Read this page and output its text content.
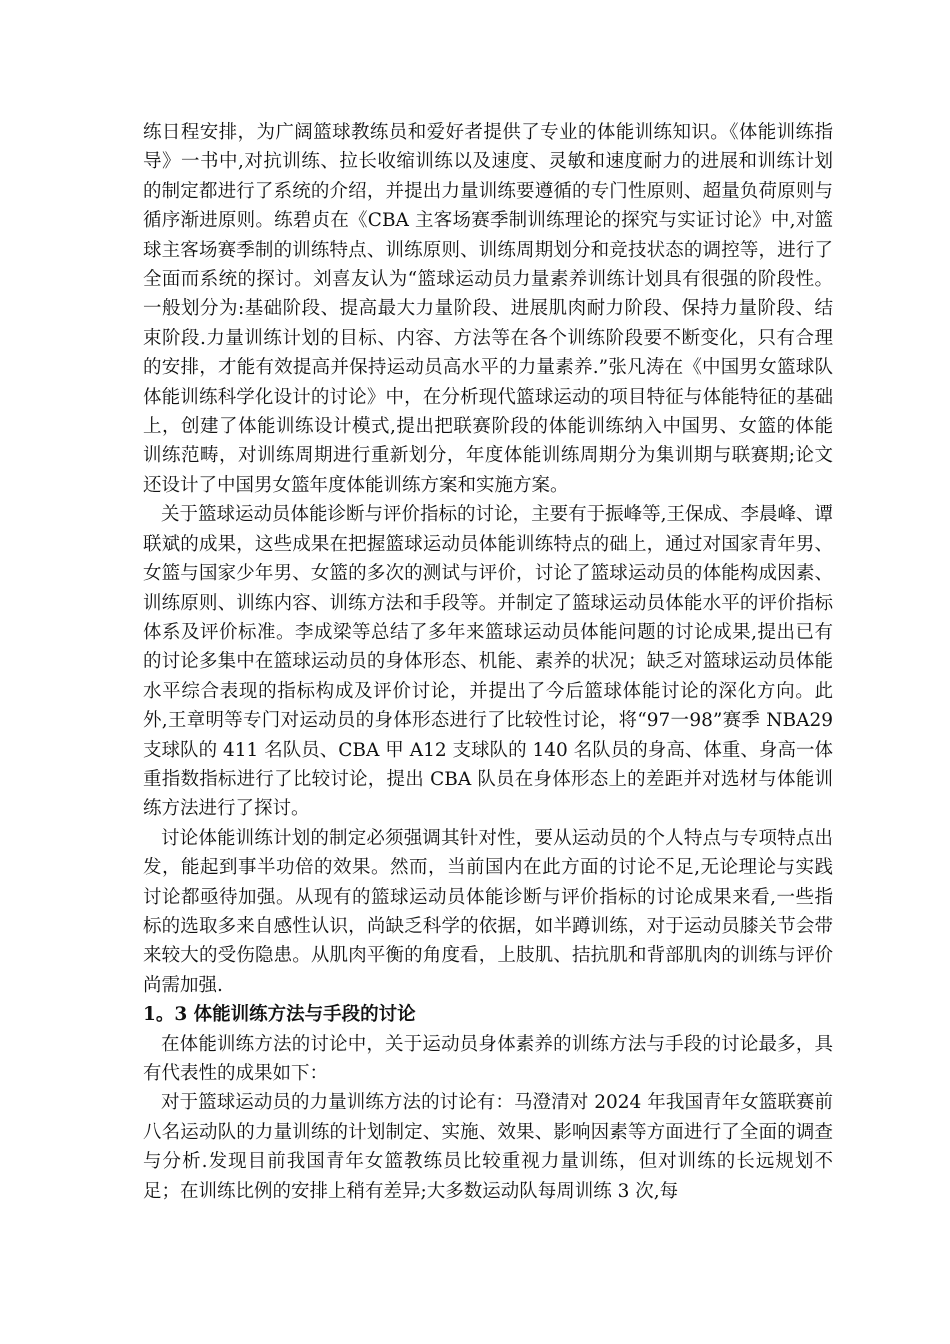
练日程安排，为广阔篮球教练员和爱好者提供了专业的体能训练知识。《体能训练指导》一书中,对抗训练、拉长收缩训练以及速度、灵敏和速度耐力的进展和训练计划的制定都进行了系统的介绍，并提出力量训练要遵循的专门性原则、超量负荷原则与循序渐进原则。练碧贞在《CBA 主客场赛季制训练理论的探究与实证讨论》中,对篮球主客场赛季制的训练特点、训练原则、训练周期划分和竞技状态的调控等，进行了全面而系统的探讨。刘喜友认为“篮球运动员力量素养训练计划具有很强的阶段性。一般划分为:基础阶段、提高最大力量阶段、进展肌肉耐力阶段、保持力量阶段、结束阶段.力量训练计划的目标、内容、方法等在各个训练阶段要不断变化，只有合理的安排，才能有效提高并保持运动员高水平的力量素养.”张凡涛在《中国男女篮球队体能训练科学化设计的讨论》中，在分析现代篮球运动的项目特征与体能特征的基础上，创建了体能训练设计模式,提出把联赛阶段的体能训练纳入中国男、女篮的体能训练范畴，对训练周期进行重新划分，年度体能训练周期分为集训期与联赛期;论文还设计了中国男女篮年度体能训练方案和实施方案。

关于篮球运动员体能诊断与评价指标的讨论，主要有于振峰等,王保成、李晨峰、谭联斌的成果，这些成果在把握篮球运动员体能训练特点的础上，通过对国家青年男、女篮与国家少年男、女篮的多次的测试与评价，讨论了篮球运动员的体能构成因素、训练原则、训练内容、训练方法和手段等。并制定了篮球运动员体能水平的评价指标体系及评价标准。李成梁等总结了多年来篮球运动员体能问题的讨论成果,提出已有的讨论多集中在篮球运动员的身体形态、机能、素养的状况；缺乏对篮球运动员体能水平综合表现的指标构成及评价讨论，并提出了今后篮球体能讨论的深化方向。此外,王章明等专门对运动员的身体形态进行了比较性讨论，将“97一98”赛季 NBA29 支球队的 411 名队员、CBA 甲 A12 支球队的 140 名队员的身高、体重、身高一体重指数指标进行了比较讨论，提出 CBA 队员在身体形态上的差距并对选材与体能训练方法进行了探讨。

讨论体能训练计划的制定必须强调其针对性，要从运动员的个人特点与专项特点出发，能起到事半功倍的效果。然而，当前国内在此方面的讨论不足,无论理论与实践讨论都亟待加强。从现有的篮球运动员体能诊断与评价指标的讨论成果来看,一些指标的选取多来自感性认识，尚缺乏科学的依据，如半蹲训练，对于运动员膝关节会带来较大的受伤隐患。从肌肉平衡的角度看，上肢肌、拮抗肌和背部肌肉的训练与评价尚需加强.

1。3 体能训练方法与手段的讨论

在体能训练方法的讨论中，关于运动员身体素养的训练方法与手段的讨论最多，具有代表性的成果如下：

对于篮球运动员的力量训练方法的讨论有：马澄清对 2024 年我国青年女篮联赛前八名运动队的力量训练的计划制定、实施、效果、影响因素等方面进行了全面的调查与分析.发现目前我国青年女篮教练员比较重视力量训练，但对训练的长远规划不足；在训练比例的安排上稍有差异;大多数运动队每周训练 3 次,每
